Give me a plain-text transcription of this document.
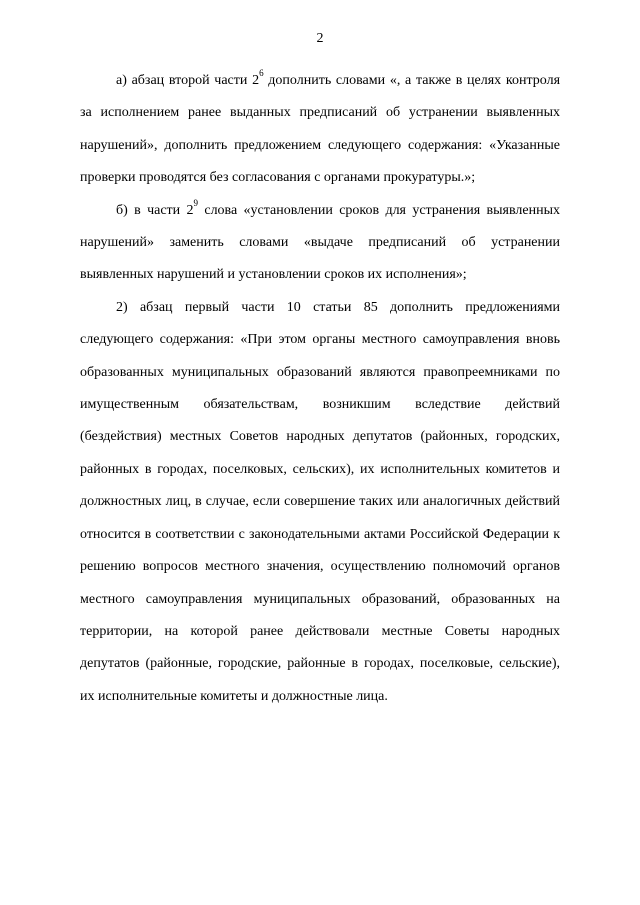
2

а) абзац второй части $2^6$ дополнить словами «, а также в целях контроля за исполнением ранее выданных предписаний об устранении выявленных нарушений», дополнить предложением следующего содержания: «Указанные проверки проводятся без согласования с органами прокуратуры.»;

б) в части $2^9$ слова «установлении сроков для устранения выявленных нарушений» заменить словами «выдаче предписаний об устранении выявленных нарушений и установлении сроков их исполнения»;

2) абзац первый части 10 статьи 85 дополнить предложениями следующего содержания: «При этом органы местного самоуправления вновь образованных муниципальных образований являются правопреемниками по имущественным обязательствам, возникшим вследствие действий (бездействия) местных Советов народных депутатов (районных, городских, районных в городах, поселковых, сельских), их исполнительных комитетов и должностных лиц, в случае, если совершение таких или аналогичных действий относится в соответствии с законодательными актами Российской Федерации к решению вопросов местного значения, осуществлению полномочий органов местного самоуправления муниципальных образований, образованных на территории, на которой ранее действовали местные Советы народных депутатов (районные, городские, районные в городах, поселковые, сельские), их исполнительные комитеты и должностные лица.
